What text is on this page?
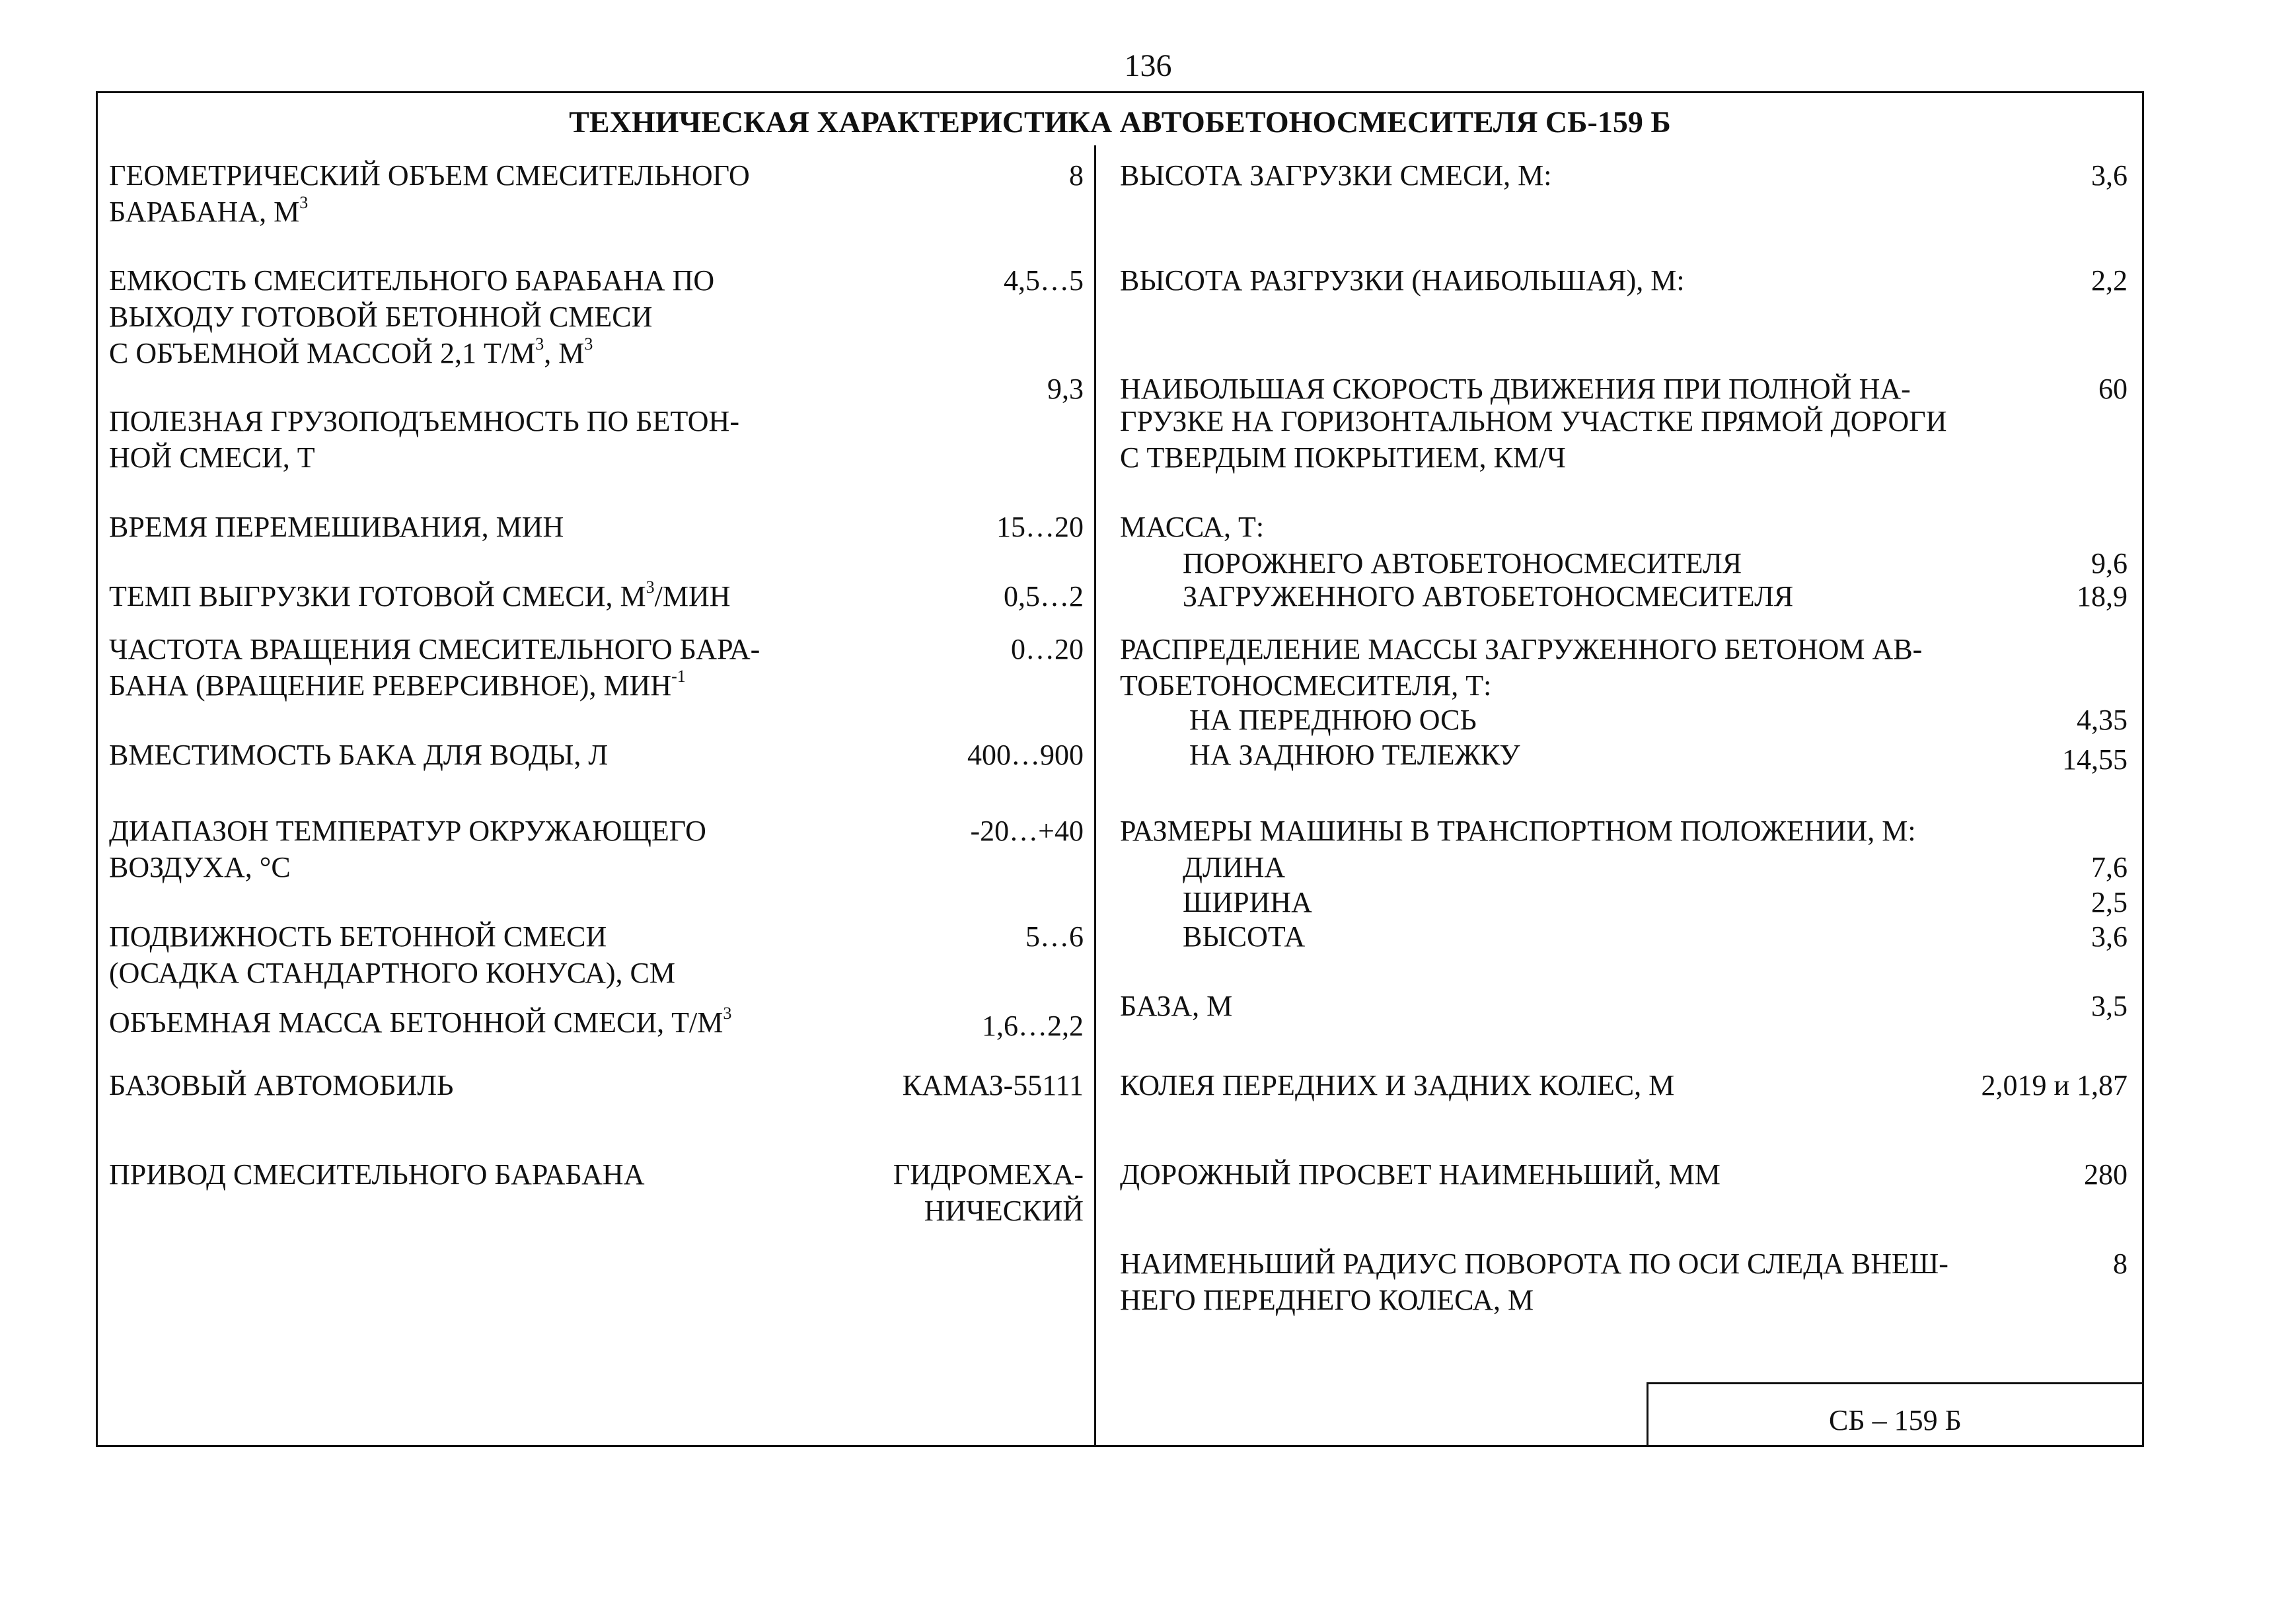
136
ТЕХНИЧЕСКАЯ ХАРАКТЕРИСТИКА АВТОБЕТОНОСМЕСИТЕЛЯ СБ-159 Б
ГЕОМЕТРИЧЕСКИЙ ОБЪЕМ СМЕСИТЕЛЬНОГО
БАРАБАНА, $М^3$
8
ЕМКОСТЬ СМЕСИТЕЛЬНОГО БАРАБАНА ПО
ВЫХОДУ ГОТОВОЙ БЕТОННОЙ СМЕСИ
С ОБЪЕМНОЙ МАССОЙ 2,1 $Т/М^3$, $М^3$
4,5…5
ПОЛЕЗНАЯ ГРУЗОПОДЪЕМНОСТЬ ПО БЕТОН-
НОЙ СМЕСИ, Т
9,3
ВРЕМЯ ПЕРЕМЕШИВАНИЯ, МИН	15…20
ТЕМП ВЫГРУЗКИ ГОТОВОЙ СМЕСИ, $М^3$/МИН	0,5…2
ЧАСТОТА ВРАЩЕНИЯ СМЕСИТЕЛЬНОГО БАРА-
БАНА (ВРАЩЕНИЕ РЕВЕРСИВНОЕ), $МИН^{-1}$
0…20
ВМЕСТИМОСТЬ БАКА ДЛЯ ВОДЫ, Л	400…900
ДИАПАЗОН ТЕМПЕРАТУР ОКРУЖАЮЩЕГО
ВОЗДУХА, °С
-20…+40
ПОДВИЖНОСТЬ БЕТОННОЙ СМЕСИ
(ОСАДКА СТАНДАРТНОГО КОНУСА), СМ
5…6
ОБЪЕМНАЯ МАССА БЕТОННОЙ СМЕСИ, $Т/М^3$	1,6…2,2
БАЗОВЫЙ АВТОМОБИЛЬ	КАМАЗ-55111
ПРИВОД СМЕСИТЕЛЬНОГО БАРАБАНА	ГИДРОМЕХА-
НИЧЕСКИЙ
ВЫСОТА ЗАГРУЗКИ СМЕСИ, М:	3,6
ВЫСОТА РАЗГРУЗКИ (НАИБОЛЬШАЯ), М:	2,2
НАИБОЛЬШАЯ СКОРОСТЬ ДВИЖЕНИЯ ПРИ ПОЛНОЙ НА-
ГРУЗКЕ НА ГОРИЗОНТАЛЬНОМ УЧАСТКЕ ПРЯМОЙ ДОРОГИ
С ТВЕРДЫМ ПОКРЫТИЕМ, КМ/Ч
60
МАССА, Т:
ПОРОЖНЕГО АВТОБЕТОНОСМЕСИТЕЛЯ	9,6
ЗАГРУЖЕННОГО АВТОБЕТОНОСМЕСИТЕЛЯ	18,9
РАСПРЕДЕЛЕНИЕ МАССЫ ЗАГРУЖЕННОГО БЕТОНОМ АВ-
ТОБЕТОНОСМЕСИТЕЛЯ, Т:
НА ПЕРЕДНЮЮ ОСЬ	4,35
НА ЗАДНЮЮ ТЕЛЕЖКУ	14,55
РАЗМЕРЫ МАШИНЫ В ТРАНСПОРТНОМ ПОЛОЖЕНИИ, М:
ДЛИНА	7,6
ШИРИНА	2,5
ВЫСОТА	3,6
БАЗА, М	3,5
КОЛЕЯ ПЕРЕДНИХ И ЗАДНИХ КОЛЕС, М	2,019 и 1,87
ДОРОЖНЫЙ ПРОСВЕТ НАИМЕНЬШИЙ, ММ	280
НАИМЕНЬШИЙ РАДИУС ПОВОРОТА ПО ОСИ СЛЕДА ВНЕШ-
НЕГО ПЕРЕДНЕГО КОЛЕСА, М
8
СБ – 159 Б
